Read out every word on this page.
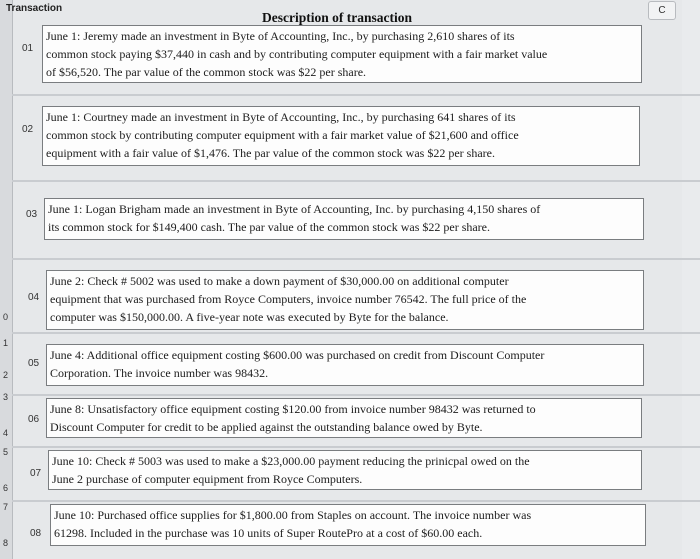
0
1
2
3
4
5
6
7
8
Transaction
Description of transaction	C
01
June 1: Jeremy made an investment in Byte of Accounting, Inc., by purchasing 2,610 shares of its
common stock paying $37,440 in cash and by contributing computer equipment with a fair market value
of $56,520. The par value of the common stock was $22 per share.
02
June 1: Courtney made an investment in Byte of Accounting, Inc., by purchasing 641 shares of its
common stock by contributing computer equipment with a fair market value of $21,600 and office
equipment with a fair value of $1,476. The par value of the common stock was $22 per share.
03 June 1: Logan Brigham made an investment in Byte of Accounting, Inc. by purchasing 4,150 shares of
its common stock for $149,400 cash. The par value of the common stock was $22 per share.
04
June 2: Check # 5002 was used to make a down payment of $30,000.00 on additional computer
equipment that was purchased from Royce Computers, invoice number 76542. The full price of the
computer was $150,000.00. A five-year note was executed by Byte for the balance.
05
June 4: Additional office equipment costing $600.00 was purchased on credit from Discount Computer
Corporation. The invoice number was 98432.
06
June 8: Unsatisfactory office equipment costing $120.00 from invoice number 98432 was returned to
Discount Computer for credit to be applied against the outstanding balance owed by Byte.
07
June 10: Check # 5003 was used to make a $23,000.00 payment reducing the prinicpal owed on the
June 2 purchase of computer equipment from Royce Computers.
08
June 10: Purchased office supplies for $1,800.00 from Staples on account. The invoice number was
61298. Included in the purchase was 10 units of Super RoutePro at a cost of $60.00 each.
